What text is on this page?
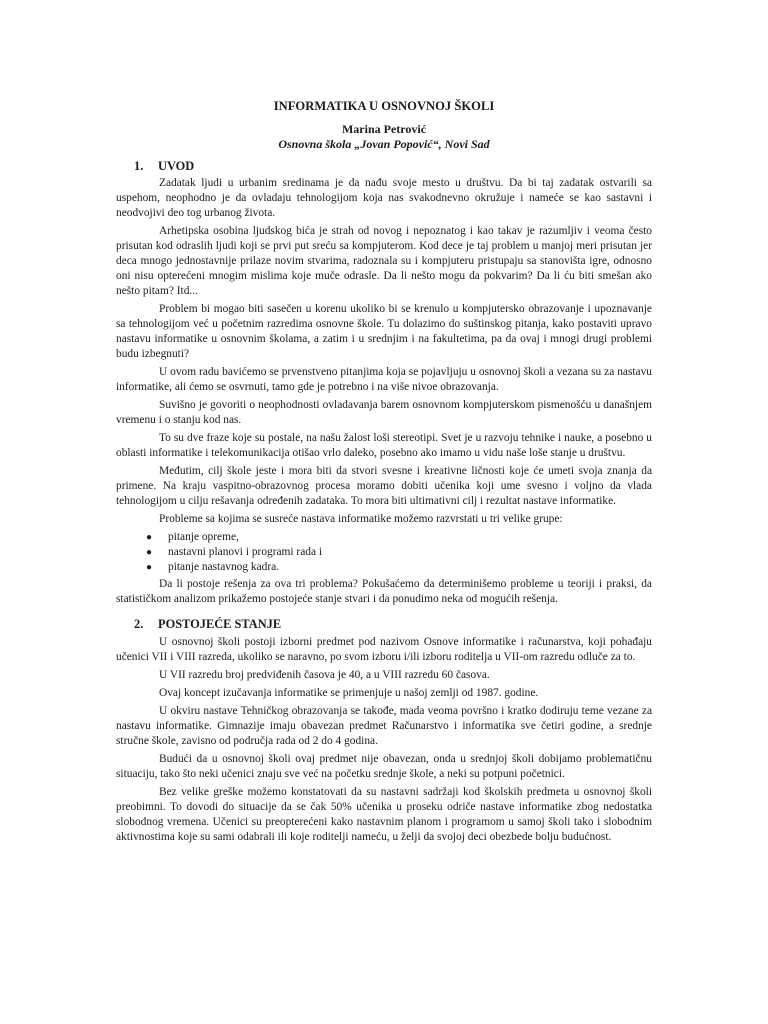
INFORMATIKA U OSNOVNOJ ŠKOLI
Marina Petrović
Osnovna škola „Jovan Popović“, Novi Sad
1.	UVOD

Zadatak ljudi u urbanim sredinama je da nađu svoje mesto u društvu. Da bi taj zadatak ostvarili sa uspehom, neophodno je da ovladaju tehnologijom koja nas svakodnevno okružuje i nameće se kao sastavni i neodvojivi deo tog urbanog života.

Arhetipska osobina ljudskog bića je strah od novog i nepoznatog i kao takav je razumljiv i veoma često prisutan kod odraslih ljudi koji se prvi put sreću sa kompjuterom. Kod dece je taj problem u manjoj meri prisutan jer deca mnogo jednostavnije prilaze novim stvarima, radoznala su i kompjuteru pristupaju sa stanovišta igre, odnosno oni nisu opterećeni mnogim mislima koje muče odrasle. Da li nešto mogu da pokvarim? Da li ću biti smešan ako nešto pitam? Itd...

Problem bi mogao biti sasečen u korenu ukoliko bi se krenulo u kompjutersko obrazovanje i upoznavanje sa tehnologijom već u početnim razredima osnovne škole. Tu dolazimo do suštinskog pitanja, kako postaviti upravo nastavu informatike u osnovnim školama, a zatim i u srednjim i na fakultetima, pa da ovaj i mnogi drugi problemi budu izbegnuti?

U ovom radu bavićemo se prvenstveno pitanjima koja se pojavljuju u osnovnoj školi a vezana su za nastavu informatike, ali ćemo se osvrnuti, tamo gde je potrebno i na više nivoe obrazovanja.

Suvišno je govoriti o neophodnosti ovladavanja barem osnovnom kompjuterskom pismenošću u današnjem vremenu i o stanju kod nas.

To su dve fraze koje su postale, na našu žalost loši stereotipi. Svet je u razvoju tehnike i nauke, a posebno u oblasti informatike i telekomunikacija otišao vrlo daleko, posebno ako imamo u vidu naše loše stanje u društvu.

Međutim, cilj škole jeste i mora biti da stvori svesne i kreativne ličnosti koje će umeti svoja znanja da primene. Na kraju vaspitno-obrazovnog procesa moramo dobiti učenika koji ume svesno i voljno da vlada tehnologijom u cilju rešavanja određenih zadataka. To mora biti ultimativni cilj i rezultat nastave informatike.

Probleme sa kojima se susreće nastava informatike možemo razvrstati u tri velike grupe:

● pitanje opreme,
● nastavni planovi i programi rada i
● pitanje nastavnog kadra.

Da li postoje rešenja za ova tri problema? Pokušaćemo da determinišemo probleme u teoriji i praksi, da statističkom analizom prikažemo postojeće stanje stvari i da ponudimo neka od mogućih rešenja.

2.	POSTOJEĆE STANJE

U osnovnoj školi postoji izborni predmet pod nazivom Osnove informatike i računarstva, koji pohađaju učenici VII i VIII razreda, ukoliko se naravno, po svom izboru i/ili izboru roditelja u VII-om razredu odluče za to.

U VII razredu broj predviđenih časova je 40, a u VIII razredu 60 časova.

Ovaj koncept izučavanja informatike se primenjuje u našoj zemlji od 1987. godine.

U okviru nastave Tehničkog obrazovanja se takođe, mada veoma površno i kratko dodiruju teme vezane za nastavu informatike. Gimnazije imaju obavezan predmet Računarstvo i informatika sve četiri godine, a srednje stručne škole, zavisno od područja rada od 2 do 4 godina.

Budući da u osnovnoj školi ovaj predmet nije obavezan, onda u srednjoj školi dobijamo problematičnu situaciju, tako što neki učenici znaju sve već na početku srednje škole, a neki su potpuni početnici.

Bez velike greške možemo konstatovati da su nastavni sadržaji kod školskih predmeta u osnovnoj školi preobimni. To dovodi do situacije da se čak 50% učenika u proseku odriče nastave informatike zbog nedostatka slobodnog vremena. Učenici su preopterećeni kako nastavnim planom i programom u samoj školi tako i slobodnim aktivnostima koje su sami odabrali ili koje roditelji nameću, u želji da svojoj deci obezbede bolju budućnost.
